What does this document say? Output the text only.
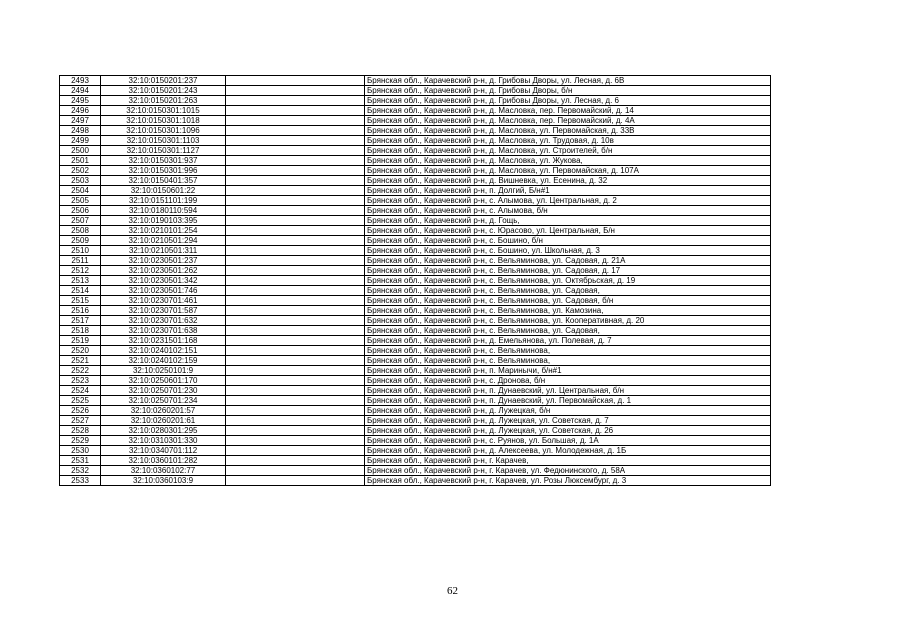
2493	32:10:0150201:237		Брянская обл., Карачевский р-н, д. Грибовы Дворы, ул. Лесная, д. 6В
2494	32:10:0150201:243		Брянская обл., Карачевский р-н, д. Грибовы Дворы, б/н
2495	32:10:0150201:263		Брянская обл., Карачевский р-н, д. Грибовы Дворы, ул. Лесная, д. 6
2496	32:10:0150301:1015		Брянская обл., Карачевский р-н, д. Масловка, пер. Первомайский, д. 14
2497	32:10:0150301:1018		Брянская обл., Карачевский р-н, д. Масловка, пер. Первомайский, д. 4А
2498	32:10:0150301:1096		Брянская обл., Карачевский р-н, д. Масловка, ул. Первомайская, д. 33В
2499	32:10:0150301:1103		Брянская обл., Карачевский р-н, д. Масловка, ул. Трудовая, д. 10в
2500	32:10:0150301:1127		Брянская обл., Карачевский р-н, д. Масловка, ул. Строителей, б/н
2501	32:10:0150301:937		Брянская обл., Карачевский р-н, д. Масловка, ул. Жукова,
2502	32:10:0150301:996		Брянская обл., Карачевский р-н, д. Масловка, ул. Первомайская, д. 107А
2503	32:10:0150401:357		Брянская обл., Карачевский р-н, д. Вишневка, ул. Есенина, д. 32
2504	32:10:0150601:22		Брянская обл., Карачевский р-н, п. Долгий, Б/н#1
2505	32:10:0151101:199		Брянская обл., Карачевский р-н, с. Алымова, ул. Центральная, д. 2
2506	32:10:0180110:594		Брянская обл., Карачевский р-н, с. Алымова, б/н
2507	32:10:0190103:395		Брянская обл., Карачевский р-н, д. Гощь,
2508	32:10:0210101:254		Брянская обл., Карачевский р-н, с. Юрасово, ул. Центральная, Б/н
2509	32:10:0210501:294		Брянская обл., Карачевский р-н, с. Бошино, б/н
2510	32:10:0210501:311		Брянская обл., Карачевский р-н, с. Бошино, ул. Школьная, д. 3
2511	32:10:0230501:237		Брянская обл., Карачевский р-н, с. Вельяминова, ул. Садовая, д. 21А
2512	32:10:0230501:262		Брянская обл., Карачевский р-н, с. Вельяминова, ул. Садовая, д. 17
2513	32:10:0230501:342		Брянская обл., Карачевский р-н, с. Вельяминова, ул. Октябрьская, д. 19
2514	32:10:0230501:746		Брянская обл., Карачевский р-н, с. Вельяминова, ул. Садовая,
2515	32:10:0230701:461		Брянская обл., Карачевский р-н, с. Вельяминова, ул. Садовая, б/н
2516	32:10:0230701:587		Брянская обл., Карачевский р-н, с. Вельяминова, ул. Камозина,
2517	32:10:0230701:632		Брянская обл., Карачевский р-н, с. Вельяминова, ул. Кооперативная, д. 20
2518	32:10:0230701:638		Брянская обл., Карачевский р-н, с. Вельяминова, ул. Садовая,
2519	32:10:0231501:168		Брянская обл., Карачевский р-н, д. Емельянова, ул. Полевая, д. 7
2520	32:10:0240102:151		Брянская обл., Карачевский р-н, с. Вельяминова,
2521	32:10:0240102:159		Брянская обл., Карачевский р-н, с. Вельяминова,
2522	32:10:0250101:9		Брянская обл., Карачевский р-н, п. Маринычи, б/н#1
2523	32:10:0250601:170		Брянская обл., Карачевский р-н, с. Дронова, б/н
2524	32:10:0250701:230		Брянская обл., Карачевский р-н, п. Дунаевский, ул. Центральная, б/н
2525	32:10:0250701:234		Брянская обл., Карачевский р-н, п. Дунаевский, ул. Первомайская, д. 1
2526	32:10:0260201:57		Брянская обл., Карачевский р-н, д. Лужецкая, б/н
2527	32:10:0260201:61		Брянская обл., Карачевский р-н, д. Лужецкая, ул. Советская, д. 7
2528	32:10:0280301:295		Брянская обл., Карачевский р-н, д. Лужецкая, ул. Советская, д. 26
2529	32:10:0310301:330		Брянская обл., Карачевский р-н, с. Руянов, ул. Большая, д. 1А
2530	32:10:0340701:112		Брянская обл., Карачевский р-н, д. Алексеева, ул. Молодежная, д. 1Б
2531	32:10:0360101:282		Брянская обл., Карачевский р-н, г. Карачев,
2532	32:10:0360102:77		Брянская обл., Карачевский р-н, г. Карачев, ул. Федюнинского, д. 58А
2533	32:10:0360103:9		Брянская обл., Карачевский р-н, г. Карачев, ул. Розы Люксембург, д. 3
62
